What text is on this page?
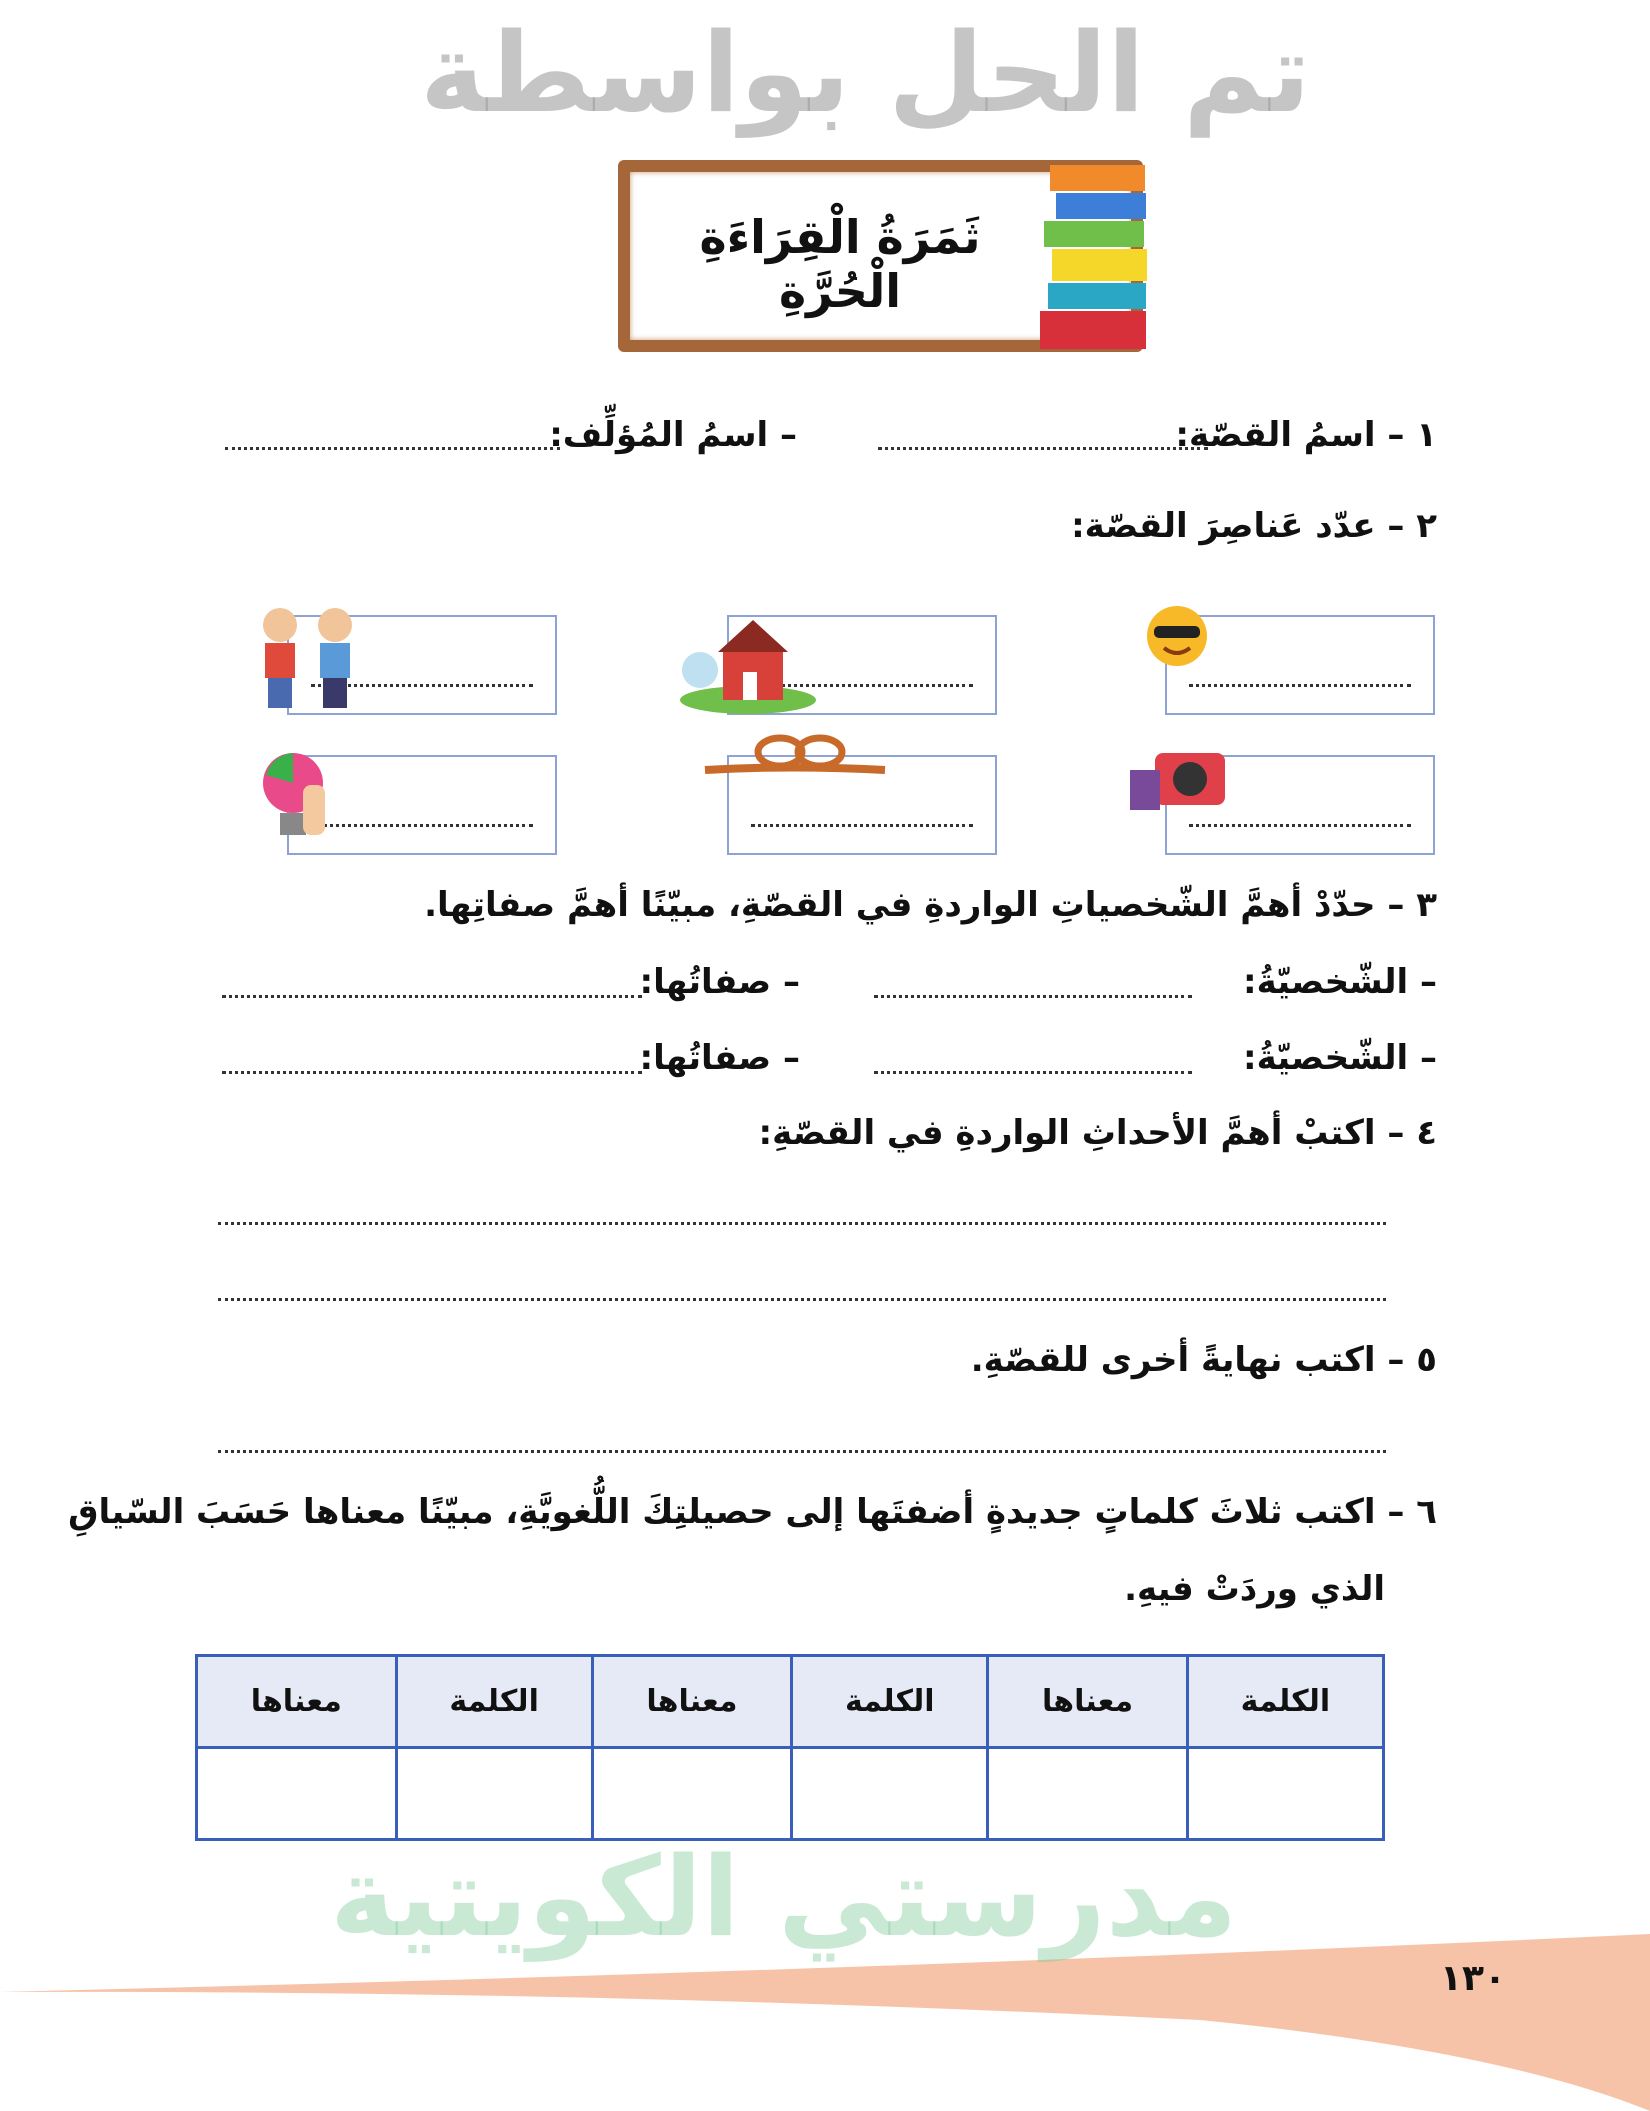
١٣٠
ثَمَرَةُ الْقِرَاءَةِ الْحُرَّةِ
١ – اسمُ القصّة:
– اسمُ المُؤلِّف:
٢ – عدّد عَناصِرَ القصّة:
٣ – حدّدْ أهمَّ الشّخصياتِ الواردةِ في القصّةِ، مبيّنًا أهمَّ صفاتِها.
– الشّخصيّةُ:
– صفاتُها:
– الشّخصيّةُ:
– صفاتُها:
٤ – اكتبْ أهمَّ الأحداثِ الواردةِ في القصّةِ:
٥ – اكتب نهايةً أخرى للقصّةِ.
٦ – اكتب ثلاثَ كلماتٍ جديدةٍ أضفتَها إلى حصيلتِكَ اللُّغويَّةِ، مبيّنًا معناها حَسَبَ السّياقِ
الذي وردَتْ فيهِ.
الكلمة	معناها	الكلمة	معناها	الكلمة	معناها

تم الحل بواسطة
مدرستي الكويتية
